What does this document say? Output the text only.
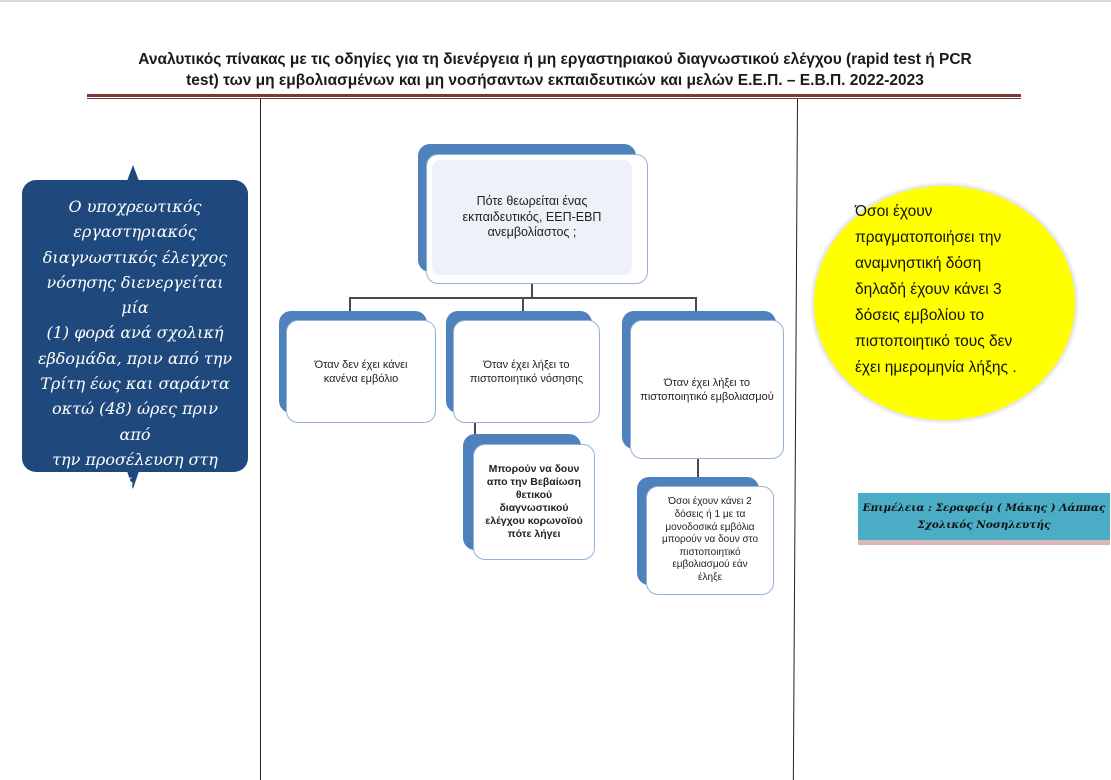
Αναλυτικός πίνακας με τις οδηγίες για τη διενέργεια ή μη εργαστηριακού διαγνωστικού ελέγχου (rapid test ή PCR
test) των μη εμβολιασμένων και μη νοσήσαντων εκπαιδευτικών και μελών Ε.Ε.Π. – Ε.Β.Π. 2022-2023
Ο υποχρεωτικός
εργαστηριακός
διαγνωστικός έλεγχος
νόσησης διενεργείται μία
(1) φορά ανά σχολική
εβδομάδα, πριν από την
Τρίτη έως και σαράντα
οκτώ (48) ώρες πριν από
την προσέλευση στη
σχολική μονάδα.
Πότε θεωρείται ένας
εκπαιδευτικός, ΕΕΠ-ΕΒΠ
ανεμβολίαστος ;
Όταν δεν έχει κάνει
κανένα εμβόλιο
Όταν έχει λήξει το
πιστοποιητικό νόσησης	Όταν έχει λήξει το
πιστοποιητικό εμβολιασμού
Μπορούν να δουν
απο την Βεβαίωση
θετικού
διαγνωστικού
ελέγχου κορωνοϊού
πότε λήγει
Όσοι έχουν κάνει 2
δόσεις ή 1 με τα
μονοδοσικά εμβόλια
μπορούν να δουν στο
πιστοποιητικό
εμβολιασμού εάν
έληξε
Όσοι έχουν
πραγματοποιήσει την
αναμνηστική δόση
δηλαδή έχουν κάνει 3
δόσεις εμβολίου το
πιστοποιητικό τους δεν
έχει ημερομηνία λήξης .
Επιμέλεια : Σεραφείμ ( Μάκης ) Λάππας
Σχολικός Νοσηλευτής
